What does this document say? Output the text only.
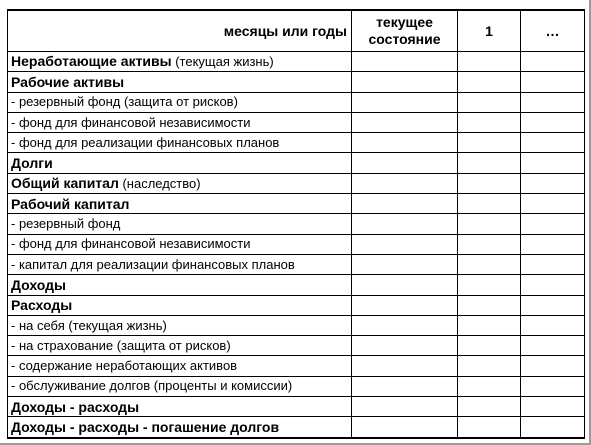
месяцы или годы	текущее состояние	1	…
Неработающие активы (текущая жизнь)			
Рабочие активы			
- резервный фонд (защита от рисков)			
- фонд для финансовой независимости			
- фонд для реализации финансовых планов			
Долги			
Общий капитал (наследство)			
Рабочий капитал			
- резервный фонд			
- фонд для финансовой независимости			
- капитал для реализации финансовых планов			
Доходы			
Расходы			
- на себя (текущая жизнь)			
- на страхование (защита от рисков)			
- содержание неработающих активов			
- обслуживание долгов (проценты и комиссии)			
Доходы - расходы			
Доходы - расходы - погашение долгов			
